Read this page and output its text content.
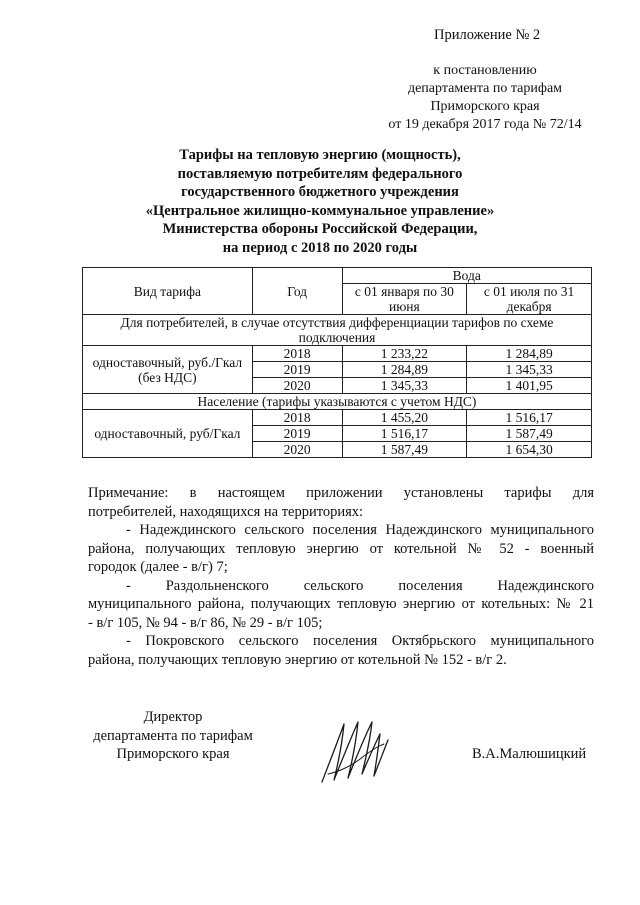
Приложение № 2
к постановлению
департамента по тарифам
Приморского края
от 19 декабря 2017 года № 72/14
Тарифы на тепловую энергию (мощность),
поставляемую потребителям федерального
государственного бюджетного учреждения
«Центральное жилищно-коммунальное управление»
Министерства обороны Российской Федерации,
на период с 2018 по 2020 годы
Вид тарифа	Год	Вода	
		с 01 января по 30 июня	с 01 июля по 31 декабря
Для потребителей, в случае отсутствия дифференциации тарифов по схеме подключения			
одноставочный, руб./Гкал (без НДС)	2018	1 233,22	1 284,89
	2019	1 284,89	1 345,33
	2020	1 345,33	1 401,95
Население (тарифы указываются с учетом НДС)			
одноставочный, руб/Гкал	2018	1 455,20	1 516,17
	2019	1 516,17	1 587,49
	2020	1 587,49	1 654,30

Примечание: в настоящем приложении установлены тарифы для

потребителей, находящихся на территориях:

- Надеждинского сельского поселения Надеждинского муниципального

района, получающих тепловую энергию от котельной № 52 - военный

городок (далее - в/г) 7;

- Раздольненского сельского поселения Надеждинского

муниципального района, получающих тепловую энергию от котельных: № 21

- в/г 105, № 94 - в/г 86, № 29 - в/г 105;

- Покровского сельского поселения Октябрьского муниципального

района, получающих тепловую энергию от котельной № 152 - в/г 2.

Директор
департамента по тарифам
Приморского края	В.А.Малюшицкий
